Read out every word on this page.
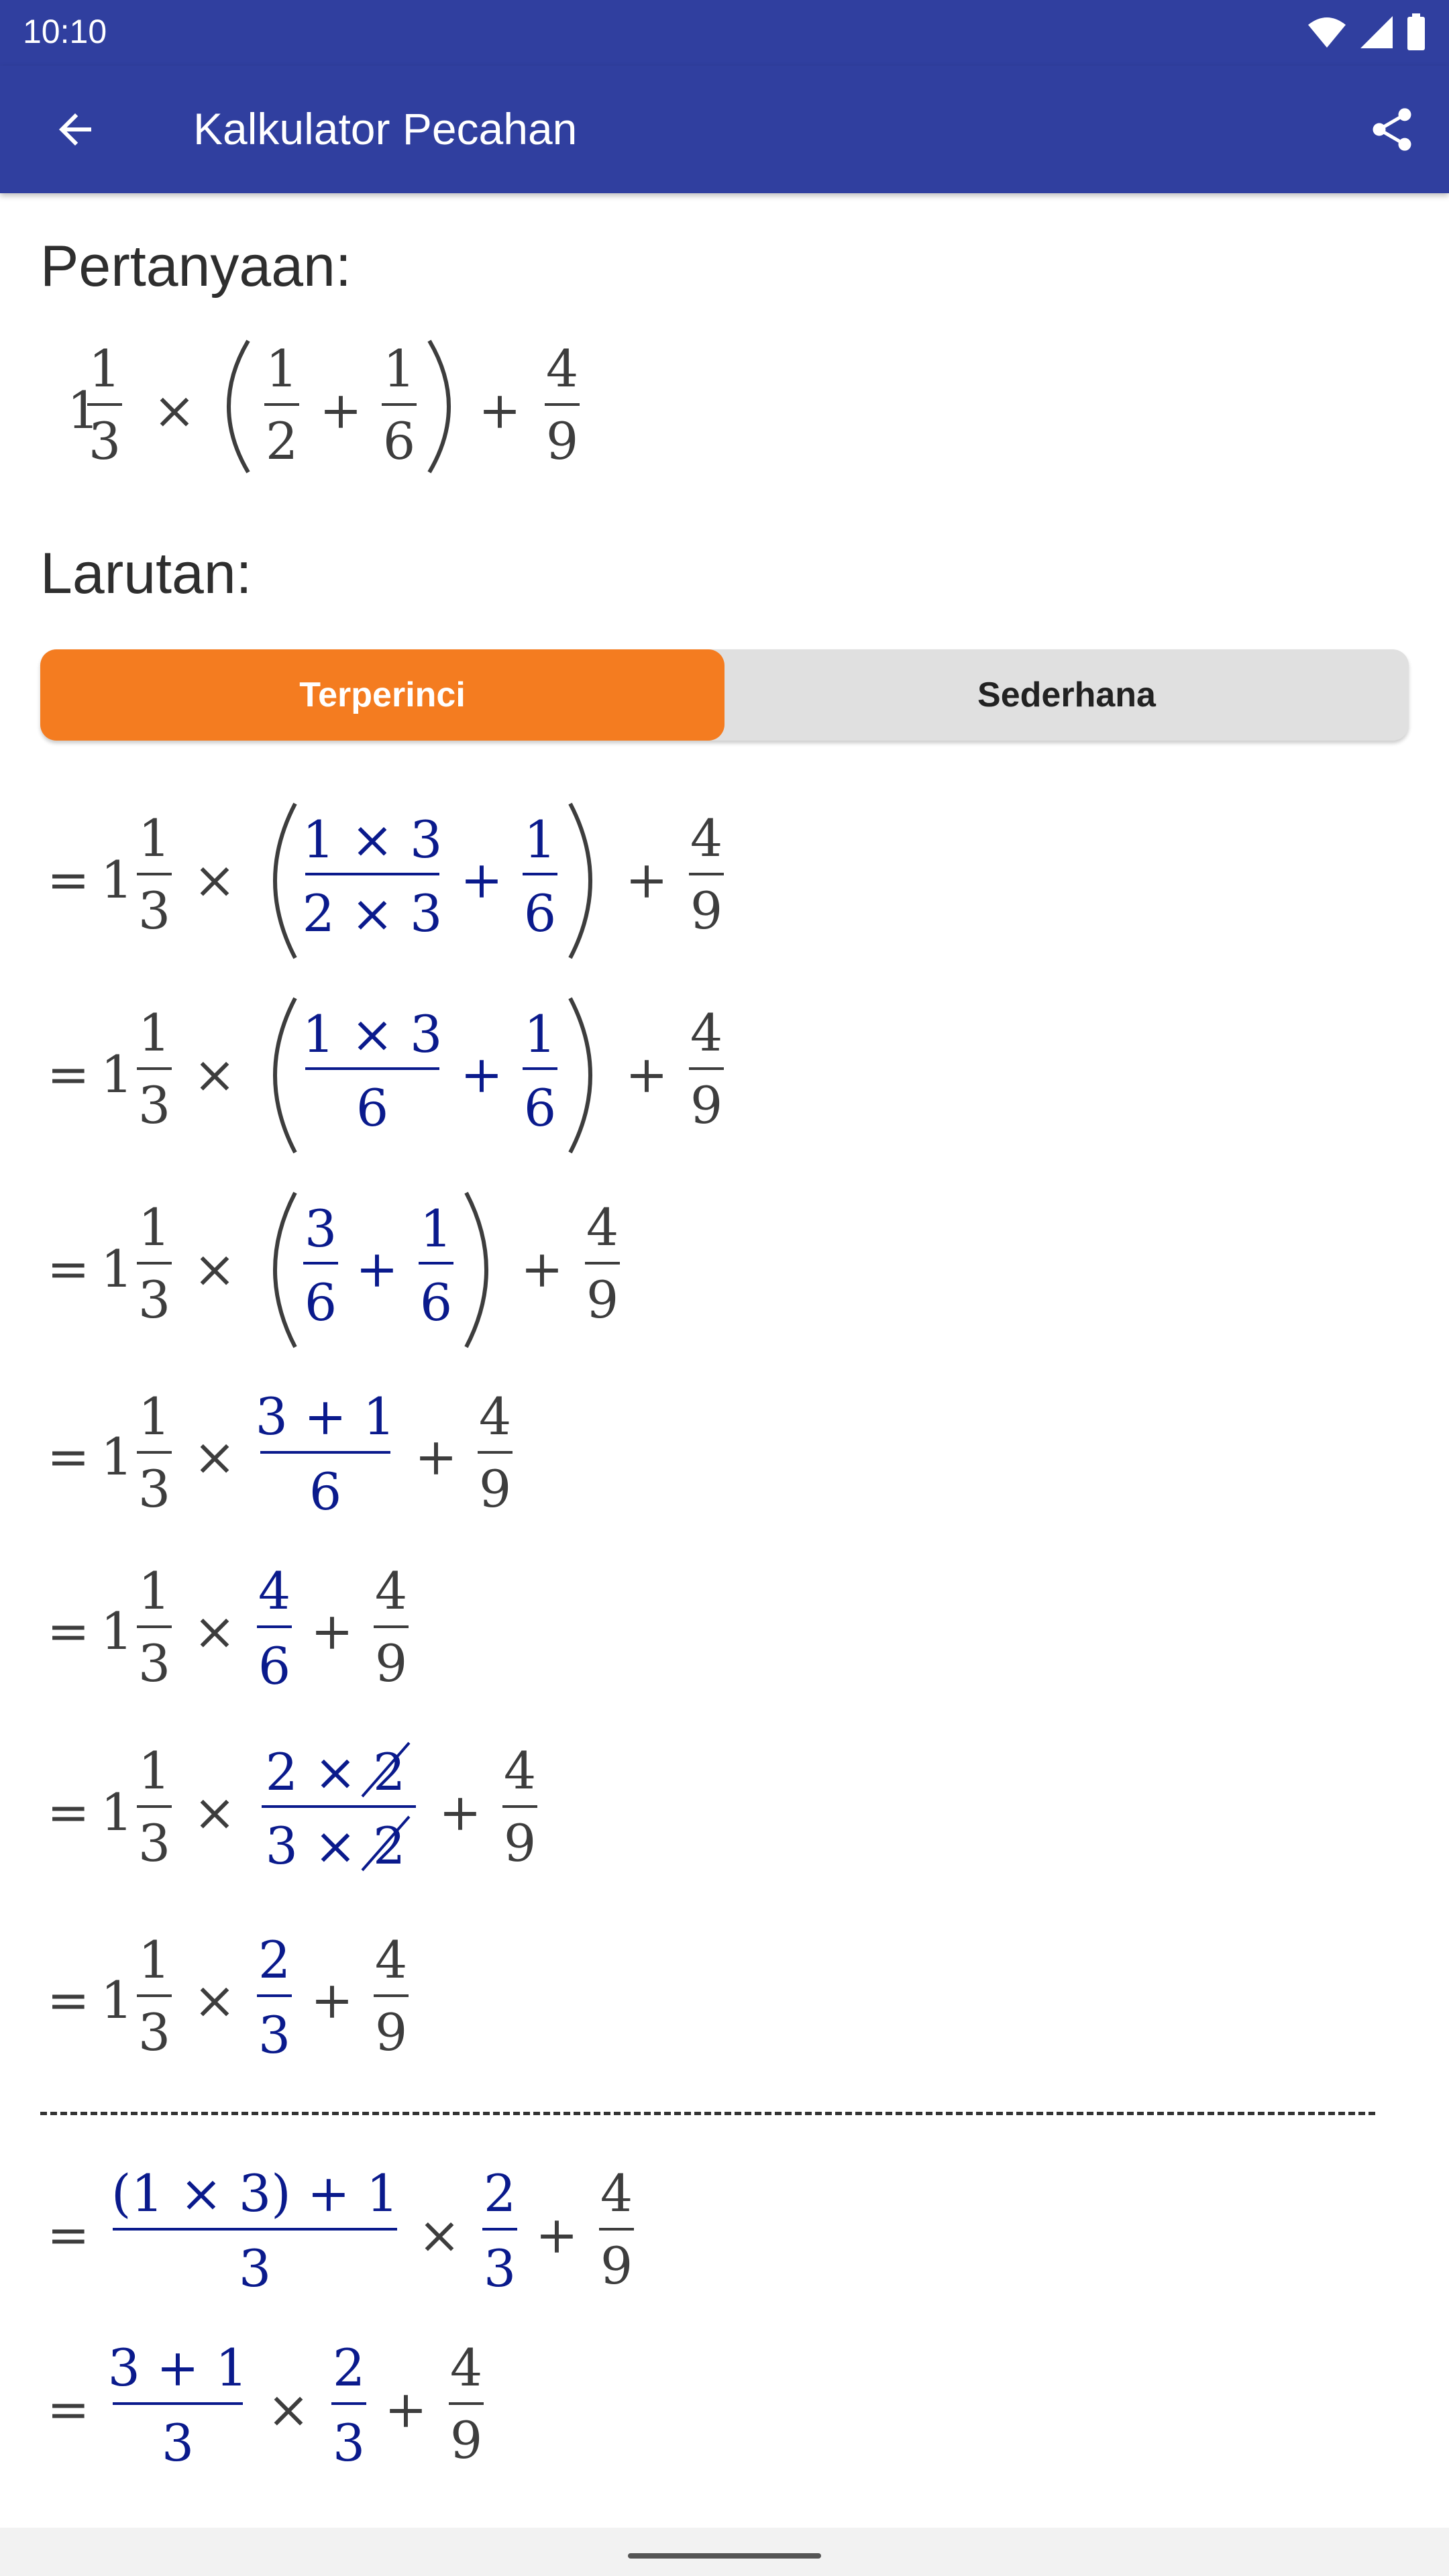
10:10
Kalkulator Pecahan
Pertanyaan:
1
1
3
×
1
2
+
1
6
+
4
9
Larutan:
Terperinci	Sederhana
= 1
1
3
×
1 × 3
2 × 3
+
1
6
+
4
9
= 1
1
3
×
1 × 3
6
+
1
6
+
4
9
= 1
1
3
×
3
6
+
1
6
+
4
9
= 1
1
3
×
3 + 1
6
+
4
9
= 1
1
3
×
4
6
+
4
9
= 1
1
3
×
2 × 2
3 × 2
+
4
9
= 1
1
3
×
2
3
+
4
9
=
(1 × 3) + 1
3
×
2
3
+
4
9
=
3 + 1
3
×
2
3
+
4
9
